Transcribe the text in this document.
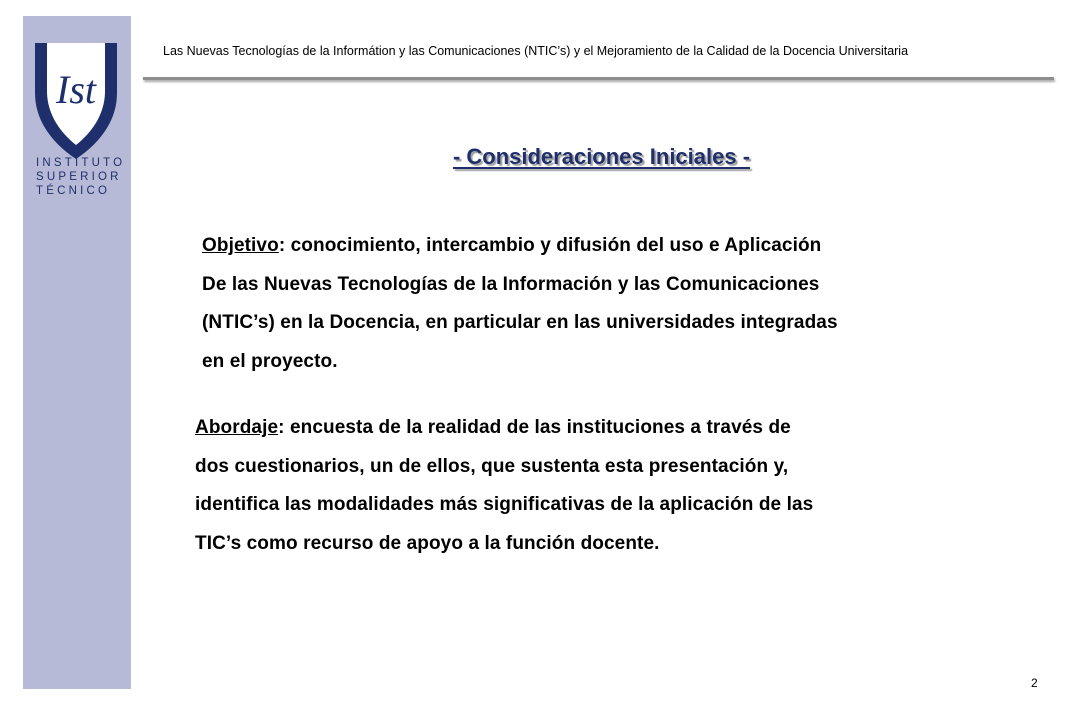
Ist
INSTITUTO
SUPERIOR
TÉCNICO
Las Nuevas Tecnologías de la Informátion y las Comunicaciones (NTIC’s) y el Mejoramiento de la Calidad de la Docencia Universitaria
- Consideraciones Iniciales -
Objetivo: conocimiento, intercambio y difusión del uso e Aplicación
De las Nuevas Tecnologías de la Información y las Comunicaciones
(NTIC’s) en la Docencia, en particular en las universidades integradas
en el proyecto.
Abordaje: encuesta de la realidad de las instituciones a través de
dos cuestionarios, un de ellos, que sustenta esta presentación y,
identifica las modalidades más significativas de la aplicación de las
TIC’s como recurso de apoyo a la función docente.
2
